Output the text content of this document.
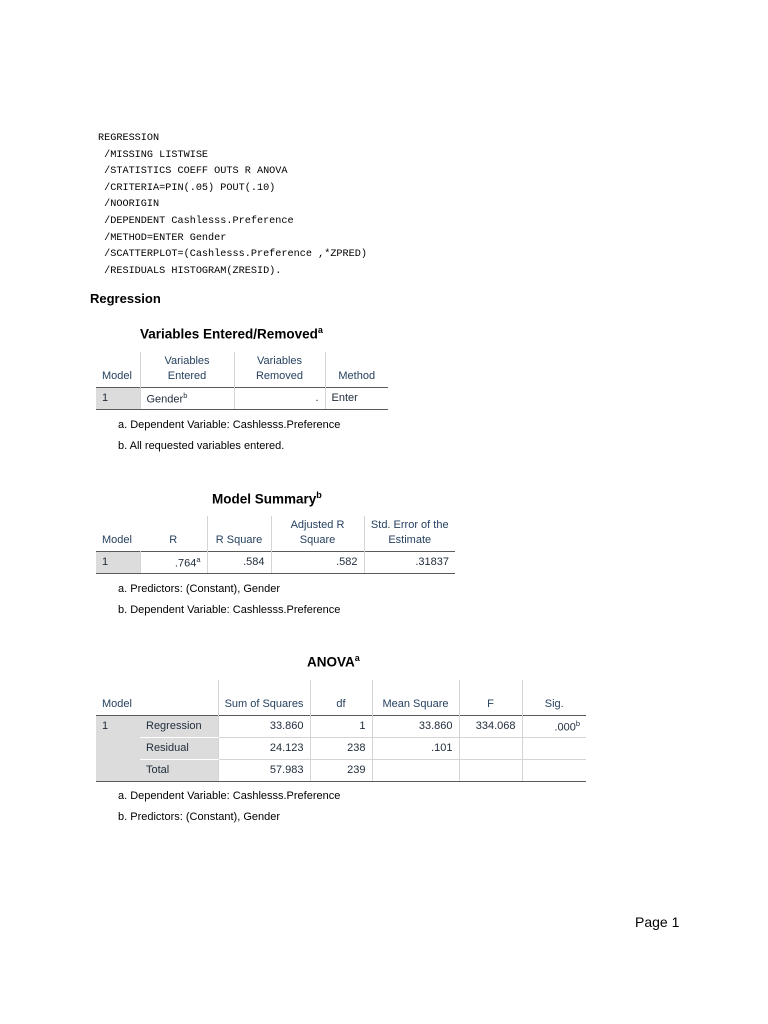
REGRESSION
/MISSING LISTWISE
/STATISTICS COEFF OUTS R ANOVA
/CRITERIA=PIN(.05) POUT(.10)
/NOORIGIN
/DEPENDENT Cashlesss.Preference
/METHOD=ENTER Gender
/SCATTERPLOT=(Cashlesss.Preference ,*ZPRED)
/RESIDUALS HISTOGRAM(ZRESID).
Regression
Variables Entered/Removed$^a$
Model	Variables Entered	Variables Removed	Method
1	Gender$^b$	.	Enter
a. Dependent Variable: Cashlesss.Preference
b. All requested variables entered.
Model Summary$^b$
Model	R	R Square	Adjusted R Square	Std. Error of the Estimate
1	.764$^a$	.584	.582	.31837
a. Predictors: (Constant), Gender
b. Dependent Variable: Cashlesss.Preference
ANOVA$^a$
Model		Sum of Squares	df	Mean Square	F	Sig.
1	Regression	33.860	1	33.860	334.068	.000$^b$
	Residual	24.123	238	.101		
	Total	57.983	239			
a. Dependent Variable: Cashlesss.Preference
b. Predictors: (Constant), Gender
Page 1
